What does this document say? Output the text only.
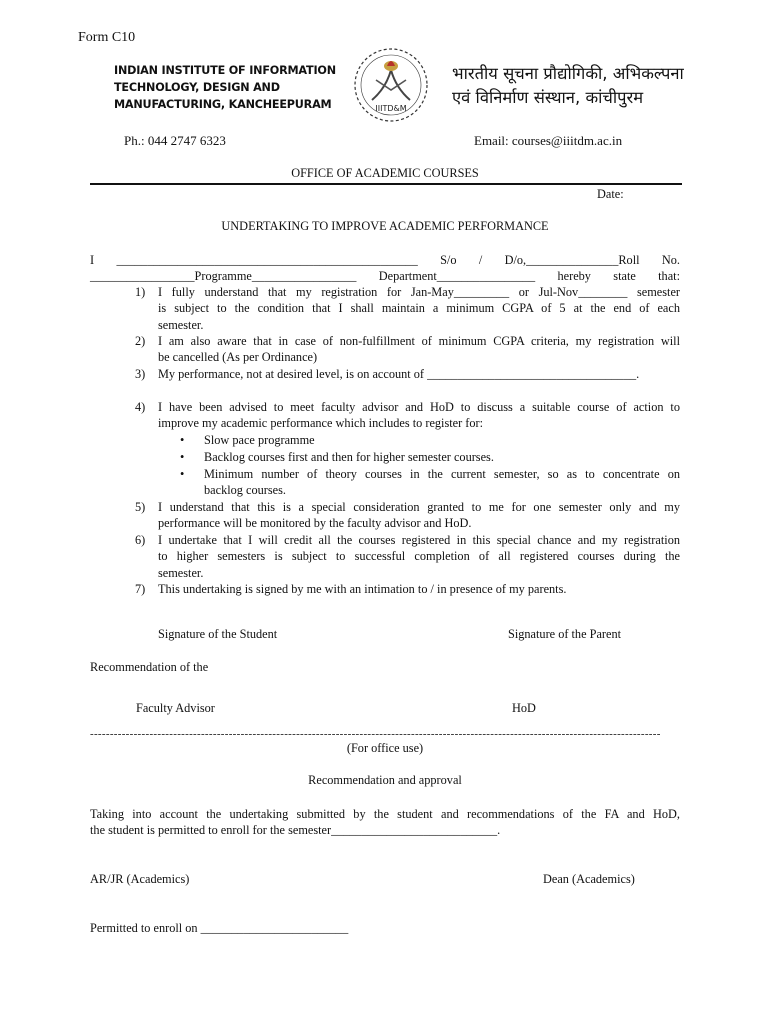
Form C10
INDIAN INSTITUTE OF INFORMATION
TECHNOLOGY, DESIGN AND
MANUFACTURING, KANCHEEPURAM	IIITD&M
भारतीय सूचना प्रौद्योगिकी, अभिकल्पना
एवं विनिर्माण संस्थान, कांचीपुरम
Ph.: 044 2747 6323	Email: courses@iiitdm.ac.in
OFFICE OF ACADEMIC COURSES
Date:
UNDERTAKING TO IMPROVE ACADEMIC PERFORMANCE
I _________________________________________________ S/o / D/o,_______________Roll No.
_________________Programme_________________ Department________________ hereby state that:
1) I fully understand that my registration for Jan-May_________ or Jul-Nov________ semester
is subject to the condition that I shall maintain a minimum CGPA of 5 at the end of each
semester.
2) I am also aware that in case of non-fulfillment of minimum CGPA criteria, my registration will
be cancelled (As per Ordinance)
3) My performance, not at desired level, is on account of __________________________________.
4) I have been advised to meet faculty advisor and HoD to discuss a suitable course of action to
improve my academic performance which includes to register for:
• Slow pace programme
• Backlog courses first and then for higher semester courses.
• Minimum number of theory courses in the current semester, so as to concentrate on
backlog courses.
5) I understand that this is a special consideration granted to me for one semester only and my
performance will be monitored by the faculty advisor and HoD.
6) I undertake that I will credit all the courses registered in this special chance and my registration
to higher semesters is subject to successful completion of all registered courses during the
semester.
7) This undertaking is signed by me with an intimation to / in presence of my parents.
Signature of the Student	Signature of the Parent
Recommendation of the
Faculty Advisor	HoD
------------------------------------------------------------------------------------------------------------------------------------------------
(For office use)
Recommendation and approval
Taking into account the undertaking submitted by the student and recommendations of the FA and HoD,
the student is permitted to enroll for the semester___________________________.
AR/JR (Academics)	Dean (Academics)
Permitted to enroll on ________________________
